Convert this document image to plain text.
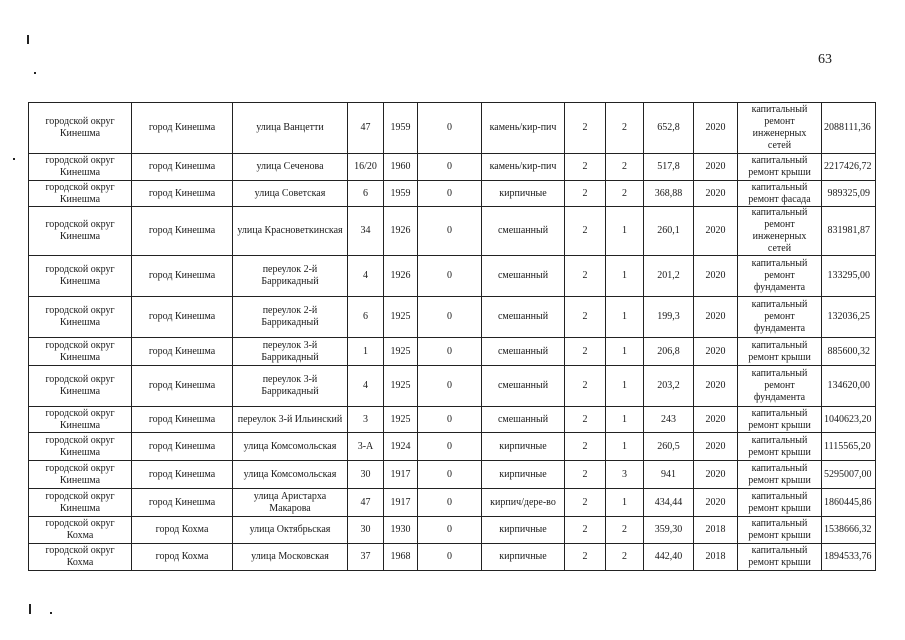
63
городской округ Кинешма	город Кинешма	улица Ванцетти	47	1959	0	камень/кир-пич	2	2	652,8	2020	капитальный ремонт инженерных сетей	2088111,36
городской округ Кинешма	город Кинешма	улица Сеченова	16/20	1960	0	камень/кир-пич	2	2	517,8	2020	капитальный ремонт крыши	2217426,72
городской округ Кинешма	город Кинешма	улица Советская	6	1959	0	кирпичные	2	2	368,88	2020	капитальный ремонт фасада	989325,09
городской округ Кинешма	город Кинешма	улица Красноветкинская	34	1926	0	смешанный	2	1	260,1	2020	капитальный ремонт инженерных сетей	831981,87
городской округ Кинешма	город Кинешма	переулок 2-й Баррикадный	4	1926	0	смешанный	2	1	201,2	2020	капитальный ремонт фундамента	133295,00
городской округ Кинешма	город Кинешма	переулок 2-й Баррикадный	6	1925	0	смешанный	2	1	199,3	2020	капитальный ремонт фундамента	132036,25
городской округ Кинешма	город Кинешма	переулок 3-й Баррикадный	1	1925	0	смешанный	2	1	206,8	2020	капитальный ремонт крыши	885600,32
городской округ Кинешма	город Кинешма	переулок 3-й Баррикадный	4	1925	0	смешанный	2	1	203,2	2020	капитальный ремонт фундамента	134620,00
городской округ Кинешма	город Кинешма	переулок 3-й Ильинский	3	1925	0	смешанный	2	1	243	2020	капитальный ремонт крыши	1040623,20
городской округ Кинешма	город Кинешма	улица Комсомольская	3-А	1924	0	кирпичные	2	1	260,5	2020	капитальный ремонт крыши	1115565,20
городской округ Кинешма	город Кинешма	улица Комсомольская	30	1917	0	кирпичные	2	3	941	2020	капитальный ремонт крыши	5295007,00
городской округ Кинешма	город Кинешма	улица Аристарха Макарова	47	1917	0	кирпич/дере-во	2	1	434,44	2020	капитальный ремонт крыши	1860445,86
городской округ Кохма	город Кохма	улица Октябрьская	30	1930	0	кирпичные	2	2	359,30	2018	капитальный ремонт крыши	1538666,32
городской округ Кохма	город Кохма	улица Московская	37	1968	0	кирпичные	2	2	442,40	2018	капитальный ремонт крыши	1894533,76
